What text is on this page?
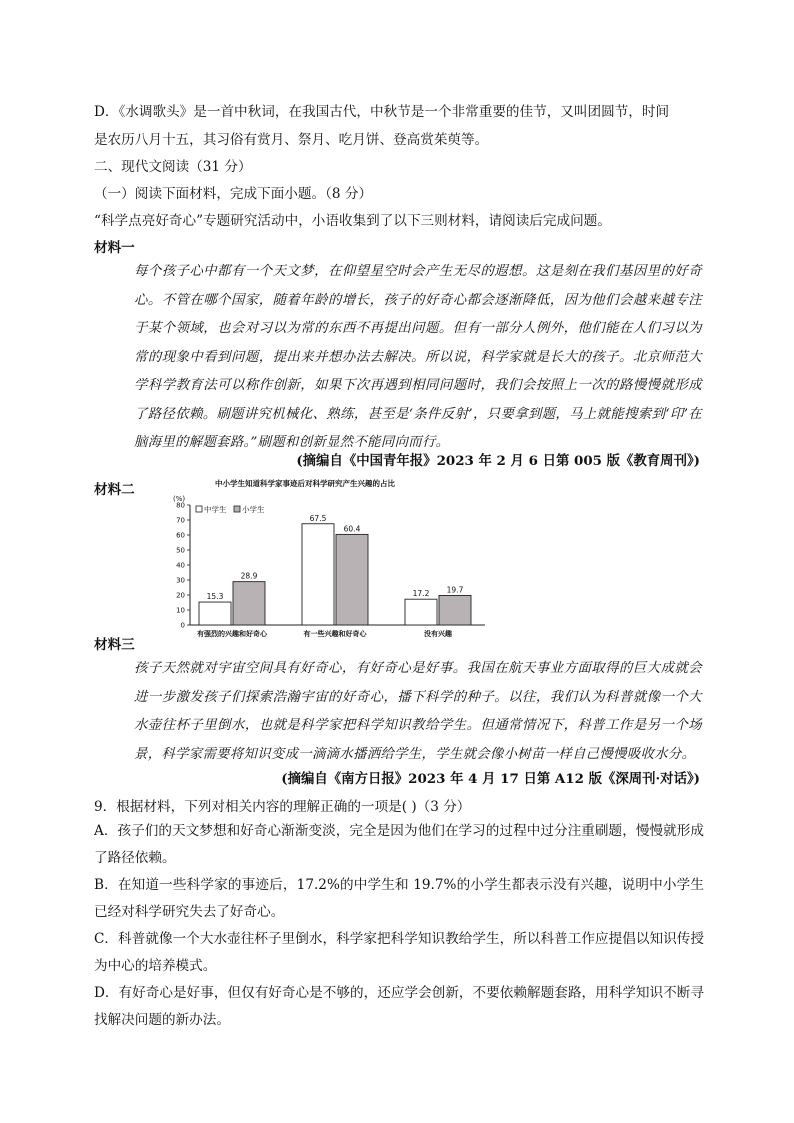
D．《水调歌头》是一首中秋词，在我国古代，中秋节是一个非常重要的佳节，又叫团圆节，时间
是农历八月十五，其习俗有赏月、祭月、吃月饼、登高赏茱萸等。
二、现代文阅读（31 分）
（一）阅读下面材料，完成下面小题。（8 分）
“科学点亮好奇心”专题研究活动中，小语收集到了以下三则材料，请阅读后完成问题。
材料一
每个孩子心中都有一个天文梦，在仰望星空时会产生无尽的遐想。这是刻在我们基因里的好奇心。不管在哪个国家，随着年龄的增长，孩子的好奇心都会逐渐降低，因为他们会越来越专注于某个领域，也会对习以为常的东西不再提出问题。但有一部分人例外，他们能在人们习以为常的现象中看到问题，提出来并想办法去解决。所以说，科学家就是长大的孩子。北京师范大学科学教育法可以称作创新，如果下次再遇到相同问题时，我们会按照上一次的路慢慢就形成了路径依赖。刷题讲究机械化、熟练，甚至是‘条件反射’，只要拿到题，马上就能搜索到‘印’在脑海里的解题套路。”刷题和创新显然不能同向而行。
(摘编自《中国青年报》2023 年 2 月 6 日第 005 版《教育周刊》)
材料二	中小学生知道科学家事迹后对科学研究产生兴趣的占比
(%)
0
10
20
30
40
50
60
70
80	中学生 小学生
15.3
28.9
67.5
60.4
17.2 19.7
有强烈的兴趣和好奇心	有一些兴趣和好奇心	没有兴趣
材料三
孩子天然就对宇宙空间具有好奇心，有好奇心是好事。我国在航天事业方面取得的巨大成就会进一步激发孩子们探索浩瀚宇宙的好奇心，播下科学的种子。以往，我们认为科普就像一个大水壶往杯子里倒水，也就是科学家把科学知识教给学生。但通常情况下，科普工作是另一个场景，科学家需要将知识变成一滴滴水播洒给学生，学生就会像小树苗一样自己慢慢吸收水分。
(摘编自《南方日报》2023 年 4 月 17 日第 A12 版《深周刊·对话》)
9．根据材料，下列对相关内容的理解正确的一项是( )（3 分）
A．孩子们的天文梦想和好奇心渐渐变淡，完全是因为他们在学习的过程中过分注重刷题，慢慢就形成了路径依赖。
B．在知道一些科学家的事迹后，17.2%的中学生和 19.7%的小学生都表示没有兴趣，说明中小学生已经对科学研究失去了好奇心。
C．科普就像一个大水壶往杯子里倒水，科学家把科学知识教给学生，所以科普工作应提倡以知识传授为中心的培养模式。
D．有好奇心是好事，但仅有好奇心是不够的，还应学会创新，不要依赖解题套路，用科学知识不断寻找解决问题的新办法。
